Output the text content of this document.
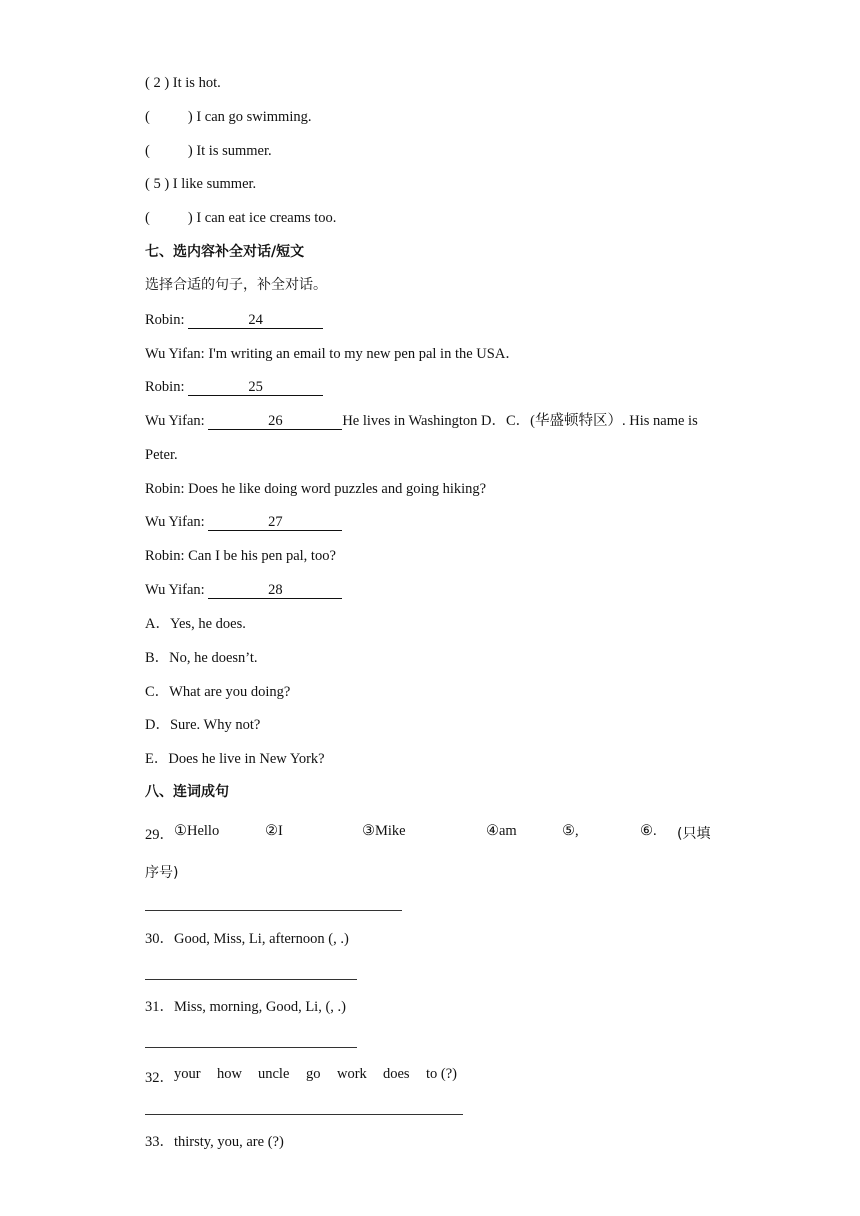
( 2 ) It is hot.
(	) I can go swimming.
(	) It is summer.
( 5 ) I like summer.
(	) I can eat ice creams too.
七、选内容补全对话/短文
选择合适的句子，补全对话。
Robin:	24
Wu Yifan: I'm writing an email to my new pen pal in the USA．
Robin:	25
Wu Yifan:	26	He lives in Washington D．C．(华盛顿特区）. His name is
Peter.
Robin: Does he like doing word puzzles and going hiking?
Wu Yifan:	27
Robin: Can I be his pen pal, too?
Wu Yifan:	28
A．Yes, he does.
B．No, he doesn’t.
C．What are you doing?
D．Sure. Why not?
E．Does he live in New York?
八、连词成句
29． ①Hello	②I	③Mike	④am	⑤,	⑥. (只填
序号)
30．Good, Miss, Li, afternoon (, .)
31．Miss, morning, Good, Li, (, .)
32． your how uncle go work does to (?)
33．thirsty, you, are (?)
